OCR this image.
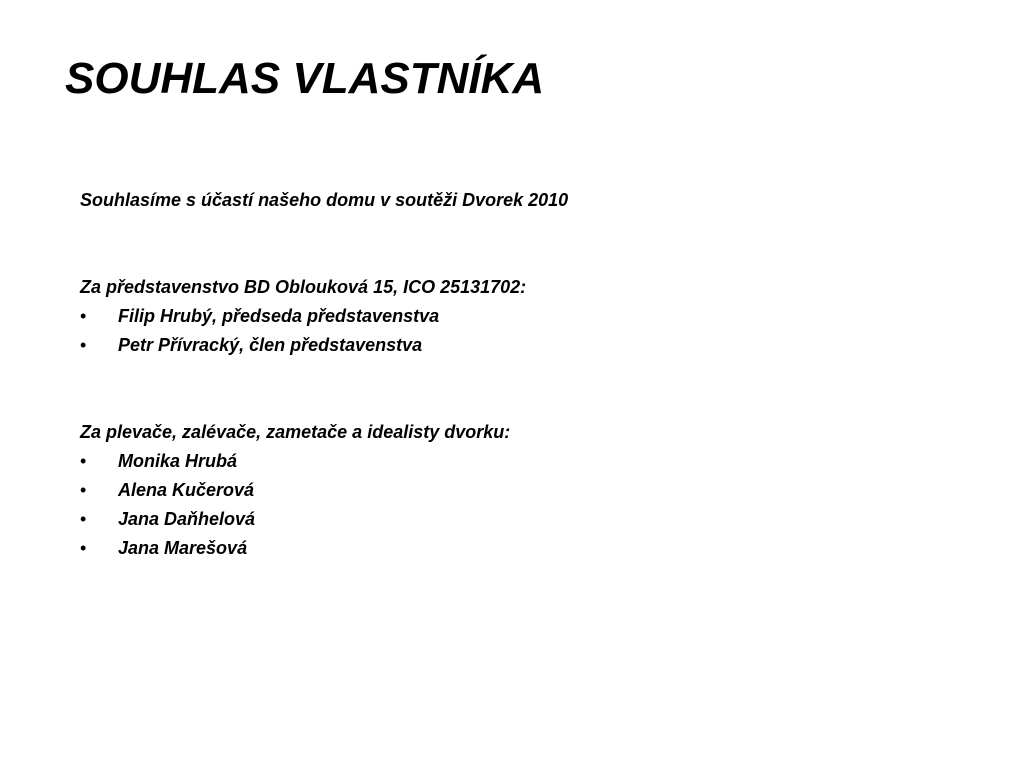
SOUHLAS VLASTNÍKA
Souhlasíme s účastí našeho domu v soutěži Dvorek 2010
Za představenstvo BD Oblouková 15, ICO 25131702:
• Filip Hrubý, předseda představenstva
• Petr Přívracký, člen představenstva
Za plevače, zalévače, zametače a idealisty dvorku:
• Monika Hrubá
• Alena Kučerová
• Jana Daňhelová
• Jana Marešová
